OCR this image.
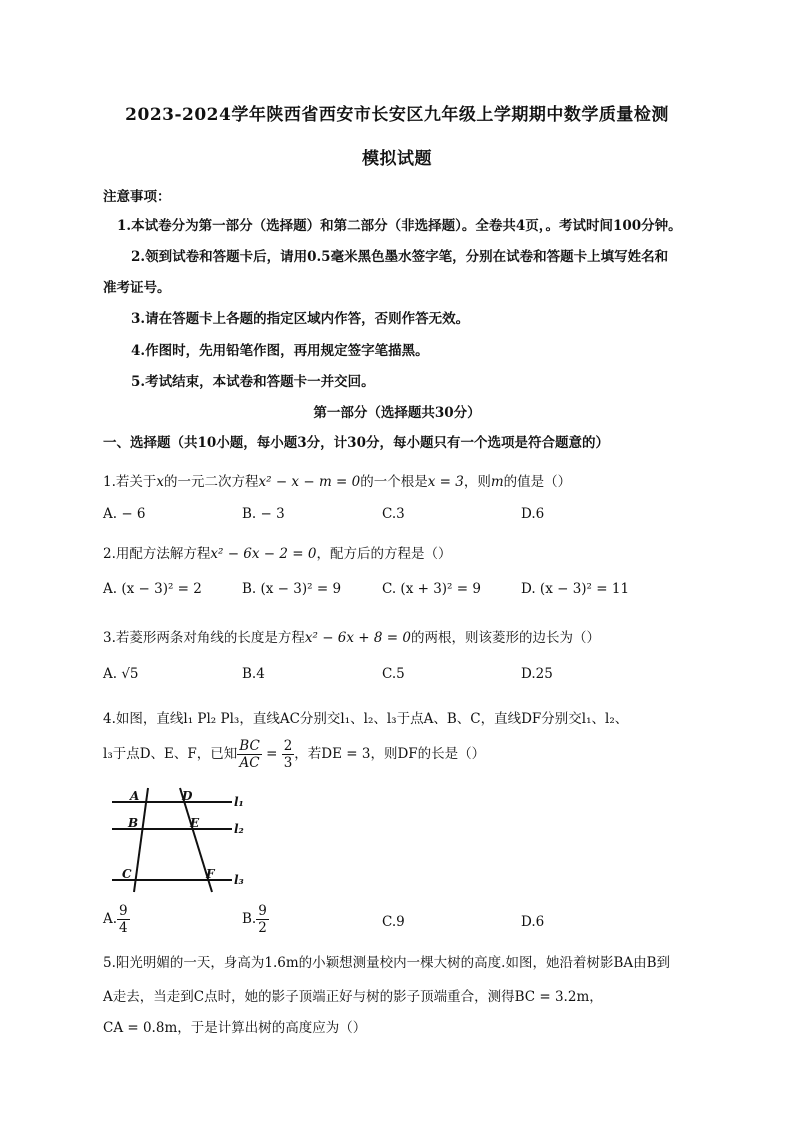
2023-2024学年陕西省西安市长安区九年级上学期期中数学质量检测
模拟试题
注意事项：
1.本试卷分为第一部分（选择题）和第二部分（非选择题）。全卷共4页，。考试时间100分钟。
2.领到试卷和答题卡后，请用0.5毫米黑色墨水签字笔，分别在试卷和答题卡上填写姓名和
准考证号。
3.请在答题卡上各题的指定区域内作答，否则作答无效。
4.作图时，先用铅笔作图，再用规定签字笔描黑。
5.考试结束，本试卷和答题卡一并交回。
第一部分（选择题共30分）
一、选择题（共10小题，每小题3分，计30分，每小题只有一个选项是符合题意的）
1.若关于x的一元二次方程x² − x − m = 0的一个根是x = 3，则m的值是（）
A. − 6	B. − 3	C.3	D.6
2.用配方法解方程x² − 6x − 2 = 0，配方后的方程是（）
A. (x − 3)² = 2	B. (x − 3)² = 9	C. (x + 3)² = 9	D. (x − 3)² = 11
3.若菱形两条对角线的长度是方程x² − 6x + 8 = 0的两根，则该菱形的边长为（）
A. √5	B.4	C.5	D.25
4.如图，直线l₁ Pl₂ Pl₃，直线AC分别交l₁、l₂、l₃于点A、B、C，直线DF分别交l₁、l₂、
l₃于点D、E、F，已知 $\frac{BC}{AC} = \frac{2}{3}$ ，若DE = 3，则DF的长是（）
A	D
B	E
C	F
l₁
l₂
l₃
A. $\frac{9}{4}$	B. $\frac{9}{2}$	C.9	D.6
5.阳光明媚的一天，身高为1.6m的小颖想测量校内一棵大树的高度.如图，她沿着树影BA由B到
A走去，当走到C点时，她的影子顶端正好与树的影子顶端重合，测得BC = 3.2m，
CA = 0.8m，于是计算出树的高度应为（）
